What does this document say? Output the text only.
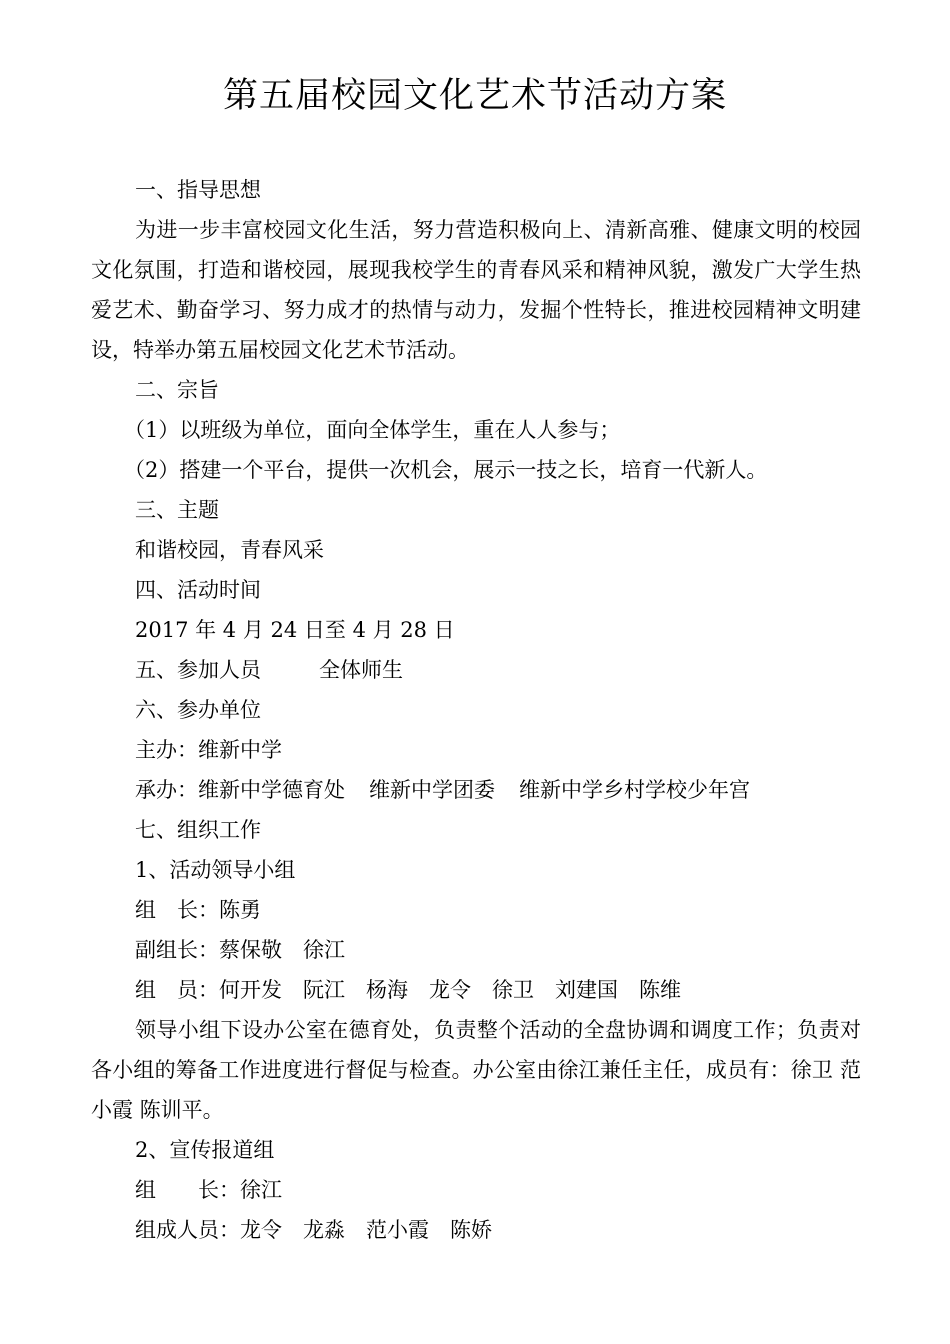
第五届校园文化艺术节活动方案

一、指导思想

为进一步丰富校园文化生活，努力营造积极向上、清新高雅、健康文明的校园文化氛围，打造和谐校园，展现我校学生的青春风采和精神风貌，激发广大学生热爱艺术、勤奋学习、努力成才的热情与动力，发掘个性特长，推进校园精神文明建设，特举办第五届校园文化艺术节活动。

二、宗旨

（1）以班级为单位，面向全体学生，重在人人参与；

（2）搭建一个平台，提供一次机会，展示一技之长，培育一代新人。

三、主题

和谐校园，青春风采

四、活动时间

2017 年 4 月 24 日至 4 月 28 日

五、参加人员	全体师生

六、参办单位

主办：维新中学

承办：维新中学德育处 维新中学团委 维新中学乡村学校少年宫

七、组织工作

1、活动领导小组

组　长：陈勇

副组长：蔡保敬　徐江

组　员：何开发　阮江　杨海　龙令　徐卫　刘建国　陈维

领导小组下设办公室在德育处，负责整个活动的全盘协调和调度工作；负责对各小组的筹备工作进度进行督促与检查。办公室由徐江兼任主任，成员有：徐卫 范小霞 陈训平。

2、宣传报道组

组　　长：徐江

组成人员：龙令　龙淼　范小霞　陈娇
